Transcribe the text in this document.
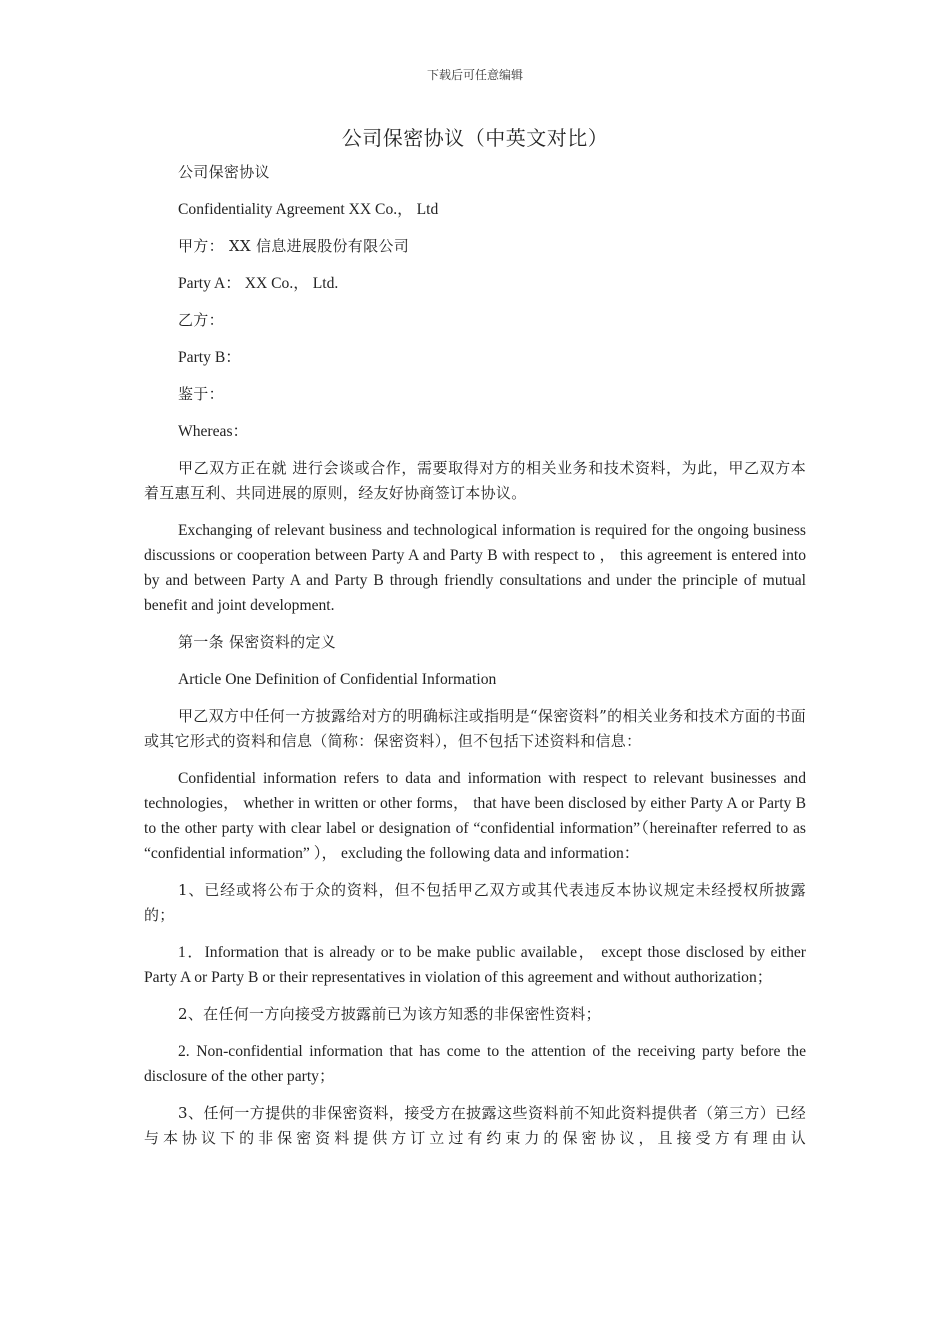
下载后可任意编辑
公司保密协议（中英文对比）

公司保密协议

Confidentiality Agreement XX Co.， Ltd

甲方： XX 信息进展股份有限公司

Party A： XX Co.， Ltd.

乙方：

Party B：

鉴于：

Whereas：

甲乙双方正在就 进行会谈或合作，需要取得对方的相关业务和技术资料，为此，甲乙双方本着互惠互利、共同进展的原则，经友好协商签订本协议。

Exchanging of relevant business and technological information is required for the ongoing business discussions or cooperation between Party A and Party B with respect to ， this agreement is entered into by and between Party A and Party B through friendly consultations and under the principle of mutual benefit and joint development.

第一条 保密资料的定义

Article One Definition of Confidential Information

甲乙双方中任何一方披露给对方的明确标注或指明是“保密资料”的相关业务和技术方面的书面或其它形式的资料和信息（简称：保密资料），但不包括下述资料和信息：

Confidential information refers to data and information with respect to relevant businesses and technologies， whether in written or other forms， that have been disclosed by either Party A or Party B to the other party with clear label or designation of “confidential information”（hereinafter referred to as “confidential information” ）， excluding the following data and information：

1、已经或将公布于众的资料，但不包括甲乙双方或其代表违反本协议规定未经授权所披露的；

1．Information that is already or to be make public available， except those disclosed by either Party A or Party B or their representatives in violation of this agreement and without authorization；

2、在任何一方向接受方披露前已为该方知悉的非保密性资料；

2. Non-confidential information that has come to the attention of the receiving party before the disclosure of the other party；

3、任何一方提供的非保密资料，接受方在披露这些资料前不知此资料提供者（第三方）已经与本协议下的非保密资料提供方订立过有约束力的保密协议，且接受方有理由认
